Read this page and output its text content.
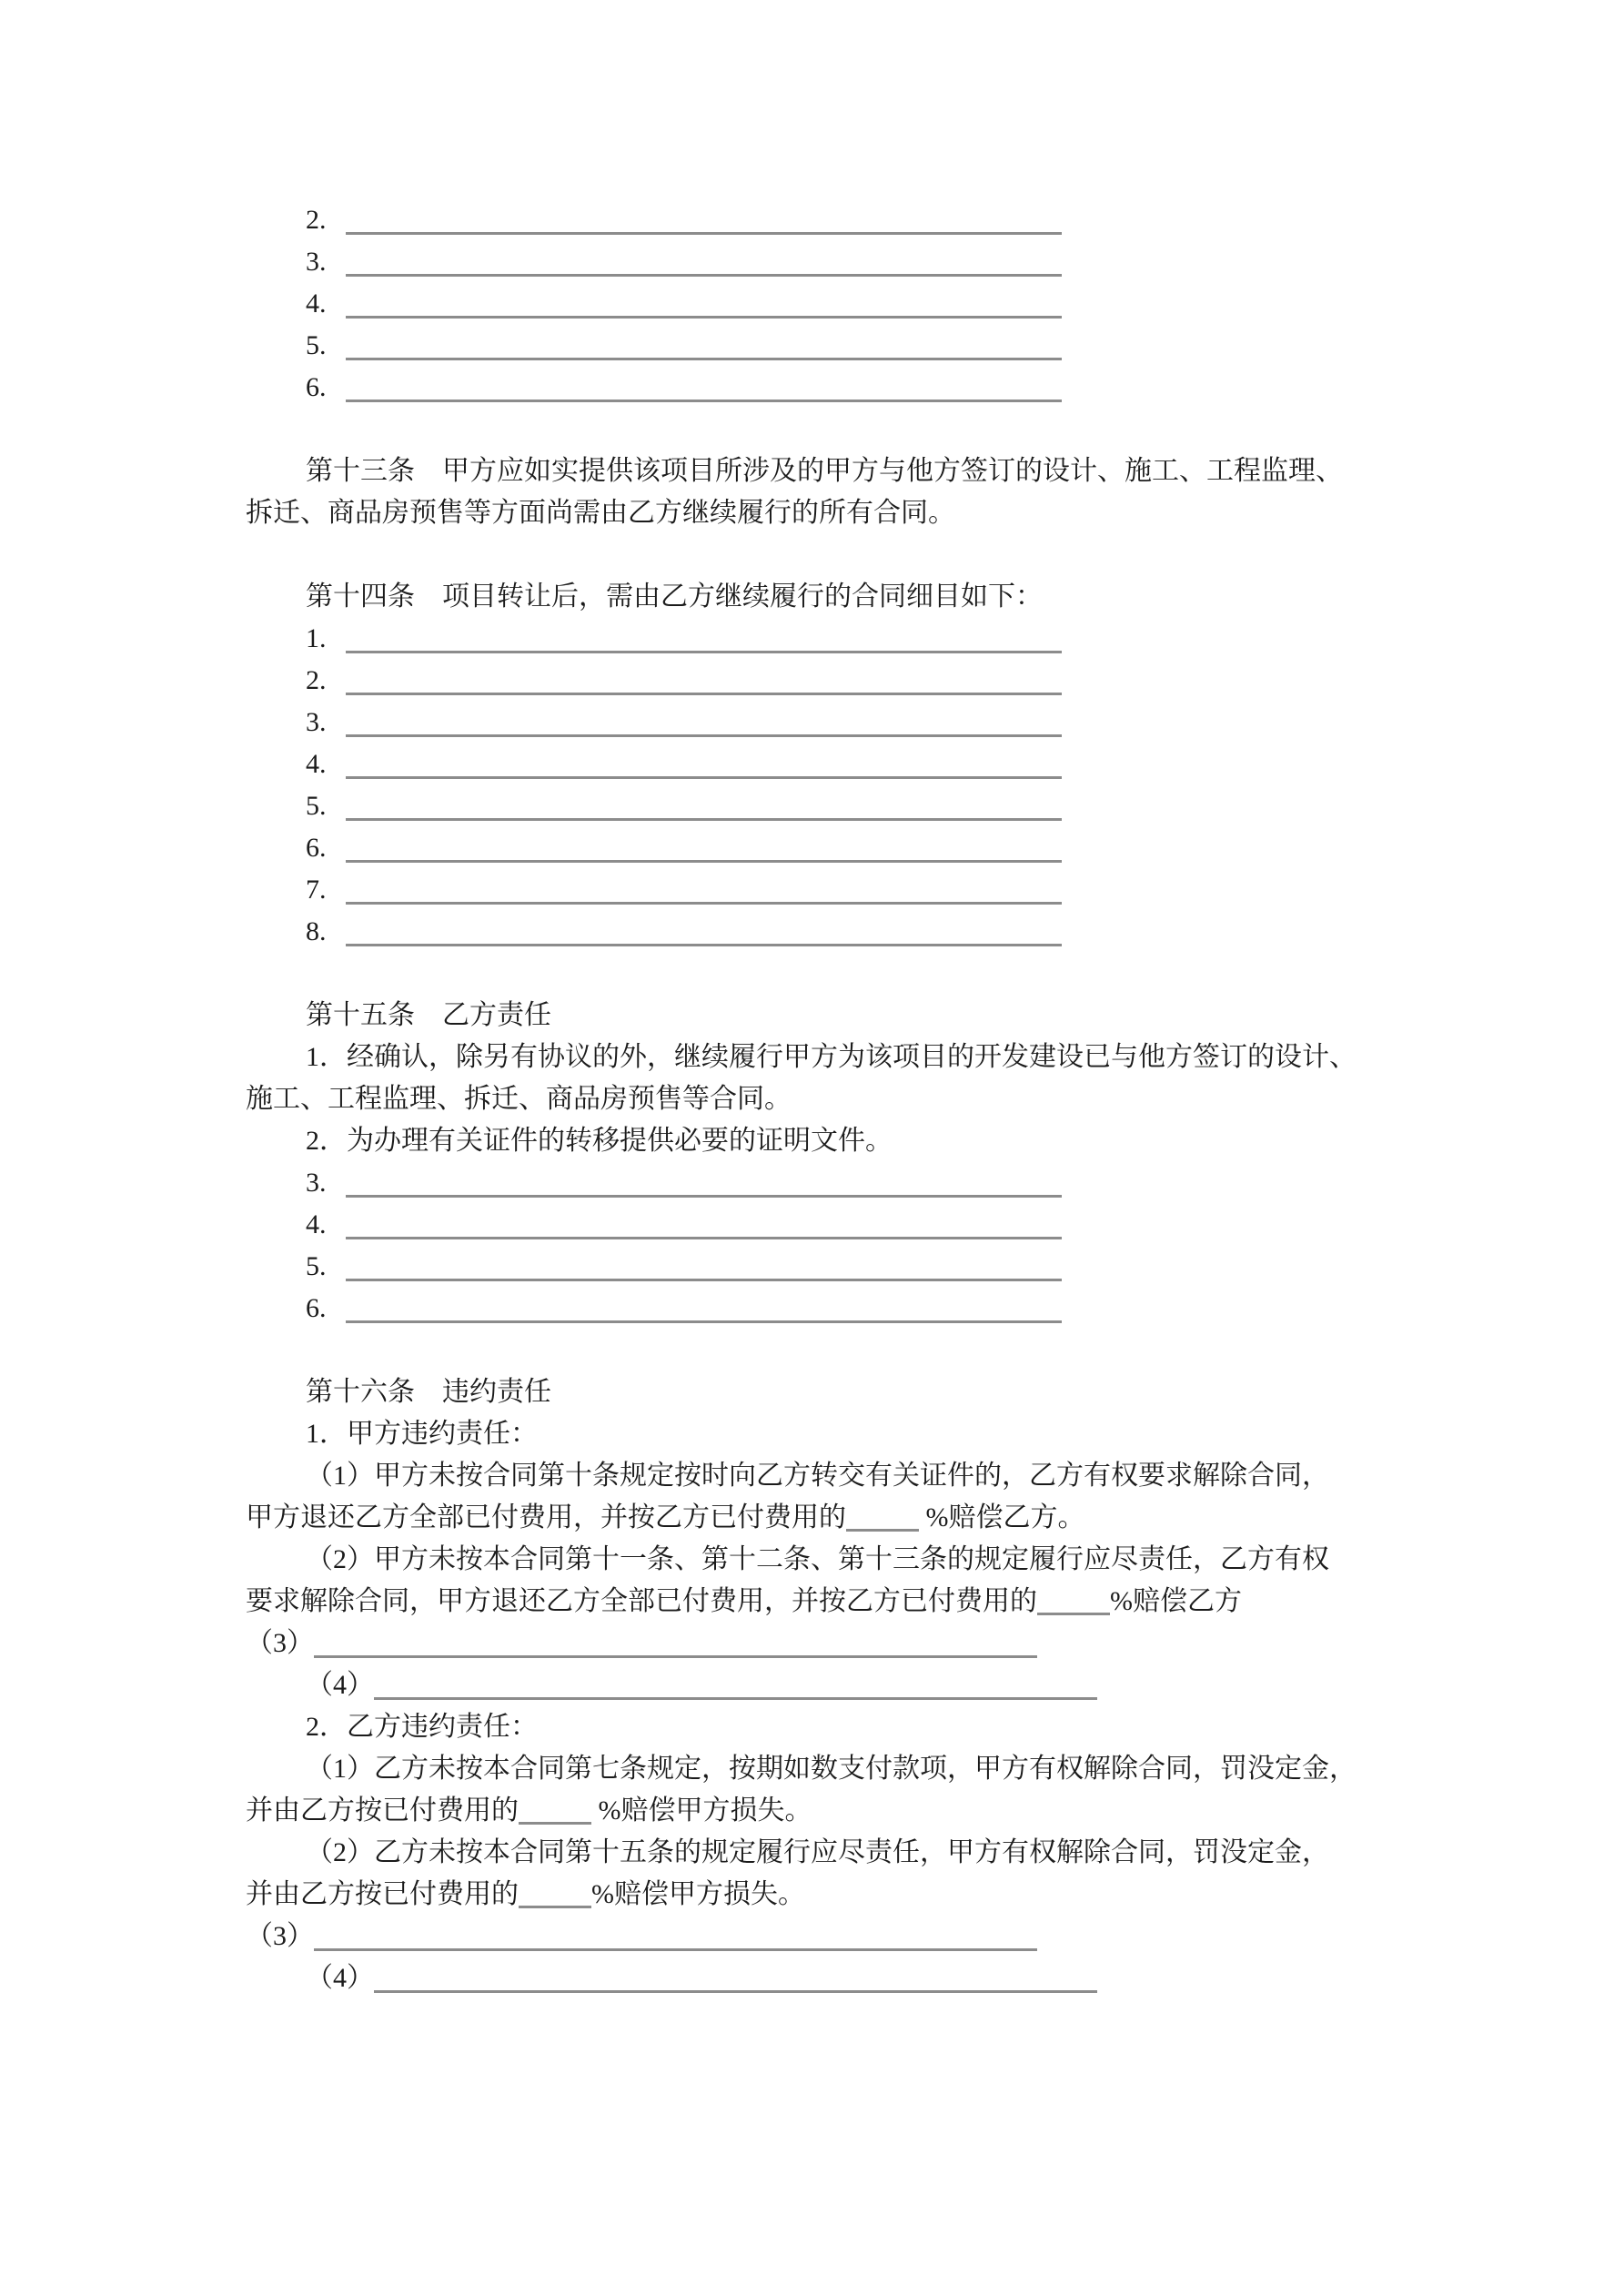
2.
3.
4.
5.
6.
第十三条　甲方应如实提供该项目所涉及的甲方与他方签订的设计、施工、工程监理、
拆迁、商品房预售等方面尚需由乙方继续履行的所有合同。
第十四条　项目转让后，需由乙方继续履行的合同细目如下：
1.
2.
3.
4.
5.
6.
7.
8.
第十五条　乙方责任
1．经确认，除另有协议的外，继续履行甲方为该项目的开发建设已与他方签订的设计、
施工、工程监理、拆迁、商品房预售等合同。
2．为办理有关证件的转移提供必要的证明文件。
3.
4.
5.
6.
第十六条　违约责任
1．甲方违约责任：
（1）甲方未按合同第十条规定按时向乙方转交有关证件的，乙方有权要求解除合同，
甲方退还乙方全部已付费用，并按乙方已付费用的	%赔偿乙方。
（2）甲方未按本合同第十一条、第十二条、第十三条的规定履行应尽责任，乙方有权
要求解除合同，甲方退还乙方全部已付费用，并按乙方已付费用的	%赔偿乙方
（3）
（4）
2．乙方违约责任：
（1）乙方未按本合同第七条规定，按期如数支付款项，甲方有权解除合同，罚没定金，
并由乙方按已付费用的	%赔偿甲方损失。
（2）乙方未按本合同第十五条的规定履行应尽责任，甲方有权解除合同，罚没定金，
并由乙方按已付费用的	%赔偿甲方损失。
（3）
（4）
